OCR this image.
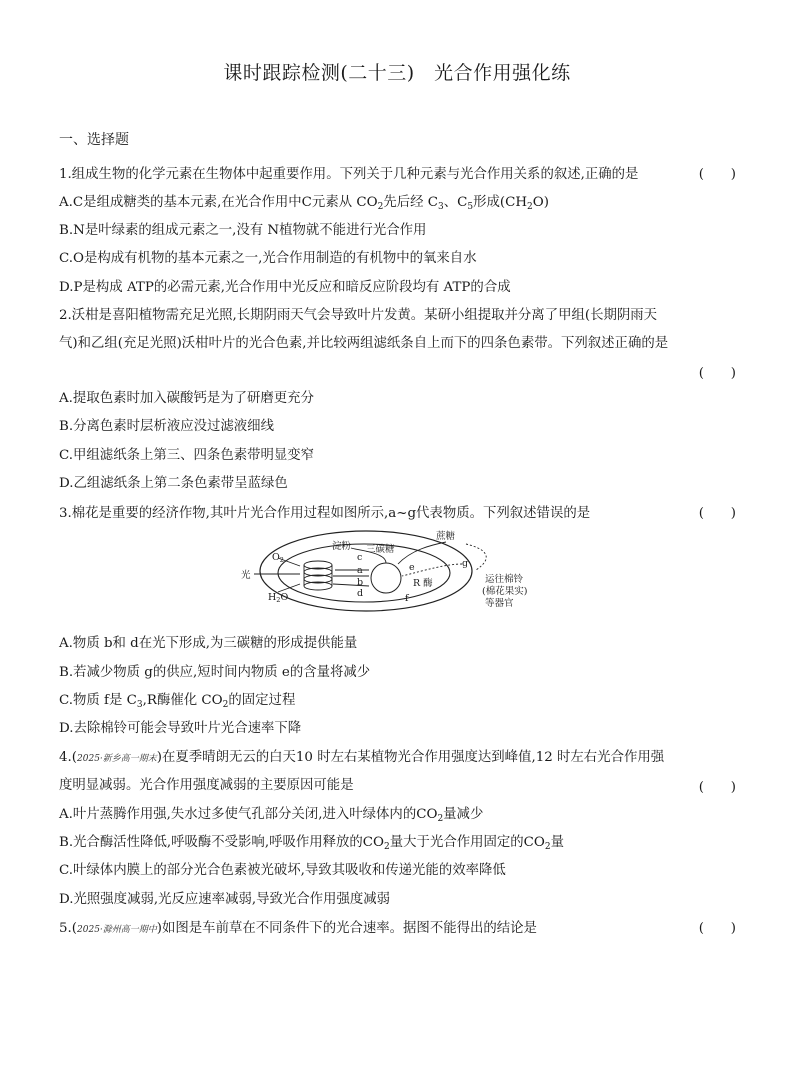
课时跟踪检测(二十三)　光合作用强化练
一、选择题
1.组成生物的化学元素在生物体中起重要作用。下列关于几种元素与光合作用关系的叙述,正确的是	(　　)
A.C是组成糖类的基本元素,在光合作用中C元素从 $CO_2$先后经 $C_3$、$C_5$形成$(CH_2O)$
B.N是叶绿素的组成元素之一,没有 N植物就不能进行光合作用
C.O是构成有机物的基本元素之一,光合作用制造的有机物中的氧来自水
D.P是构成 ATP的必需元素,光合作用中光反应和暗反应阶段均有 ATP的合成
2.沃柑是喜阳植物需充足光照,长期阴雨天气会导致叶片发黄。某研小组提取并分离了甲组(长期阴雨天
气)和乙组(充足光照)沃柑叶片的光合色素,并比较两组滤纸条自上而下的四条色素带。下列叙述正确的是
(　　)
A.提取色素时加入碳酸钙是为了研磨更充分
B.分离色素时层析液应没过滤液细线
C.甲组滤纸条上第三、四条色素带明显变窄
D.乙组滤纸条上第二条色素带呈蓝绿色
3.棉花是重要的经济作物,其叶片光合作用过程如图所示,a~g代表物质。下列叙述错误的是	(　　)
蔗糖
淀粉 三碳糖
光
$O_2$
$H_2O$
c
a
b
d
e
f
g
R 酶	运往棉铃
(棉花果实)
等器官
A.物质 b和 d在光下形成,为三碳糖的形成提供能量
B.若减少物质 g的供应,短时间内物质 e的含量将减少
C.物质 f是 $C_3,R$酶催化 $CO_2$的固定过程
D.去除棉铃可能会导致叶片光合速率下降
4.(2025·新乡高一期末)在夏季晴朗无云的白天10 时左右某植物光合作用强度达到峰值,12 时左右光合作用强
度明显减弱。光合作用强度减弱的主要原因可能是	(　　)
A.叶片蒸腾作用强,失水过多使气孔部分关闭,进入叶绿体内的$CO_2$量减少
B.光合酶活性降低,呼吸酶不受影响,呼吸作用释放的$CO_2$量大于光合作用固定的$CO_2$量
C.叶绿体内膜上的部分光合色素被光破坏,导致其吸收和传递光能的效率降低
D.光照强度减弱,光反应速率减弱,导致光合作用强度减弱
5.(2025·滁州高一期中)如图是车前草在不同条件下的光合速率。据图不能得出的结论是	(　　)
